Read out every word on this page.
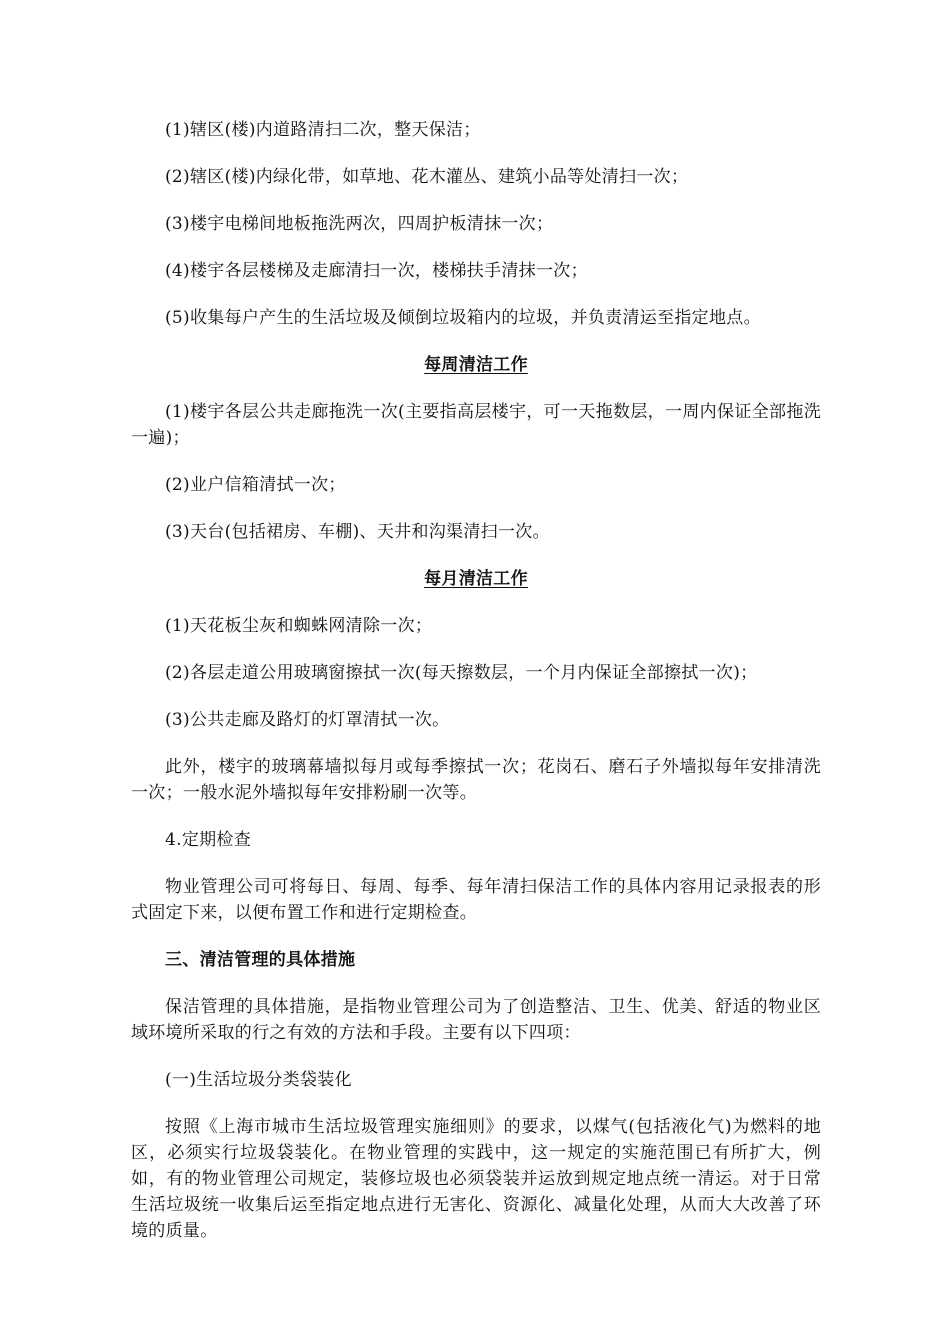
(1)辖区(楼)内道路清扫二次，整天保洁；

(2)辖区(楼)内绿化带，如草地、花木灌丛、建筑小品等处清扫一次；

(3)楼宇电梯间地板拖洗两次，四周护板清抹一次；

(4)楼宇各层楼梯及走廊清扫一次，楼梯扶手清抹一次；

(5)收集每户产生的生活垃圾及倾倒垃圾箱内的垃圾，并负责清运至指定地点。

每周清洁工作

(1)楼宇各层公共走廊拖洗一次(主要指高层楼宇，可一天拖数层，一周内保证全部拖洗一遍)；

(2)业户信箱清拭一次；

(3)天台(包括裙房、车棚)、天井和沟渠清扫一次。

每月清洁工作

(1)天花板尘灰和蜘蛛网清除一次；

(2)各层走道公用玻璃窗擦拭一次(每天擦数层，一个月内保证全部擦拭一次)；

(3)公共走廊及路灯的灯罩清拭一次。

此外，楼宇的玻璃幕墙拟每月或每季擦拭一次；花岗石、磨石子外墙拟每年安排清洗一次；一般水泥外墙拟每年安排粉刷一次等。

4.定期检查

物业管理公司可将每日、每周、每季、每年清扫保洁工作的具体内容用记录报表的形式固定下来，以便布置工作和进行定期检查。

三、清洁管理的具体措施

保洁管理的具体措施，是指物业管理公司为了创造整洁、卫生、优美、舒适的物业区域环境所采取的行之有效的方法和手段。主要有以下四项：

(一)生活垃圾分类袋装化

按照《上海市城市生活垃圾管理实施细则》的要求，以煤气(包括液化气)为燃料的地区，必须实行垃圾袋装化。在物业管理的实践中，这一规定的实施范围已有所扩大，例如，有的物业管理公司规定，装修垃圾也必须袋装并运放到规定地点统一清运。对于日常生活垃圾统一收集后运至指定地点进行无害化、资源化、减量化处理，从而大大改善了环境的质量。
